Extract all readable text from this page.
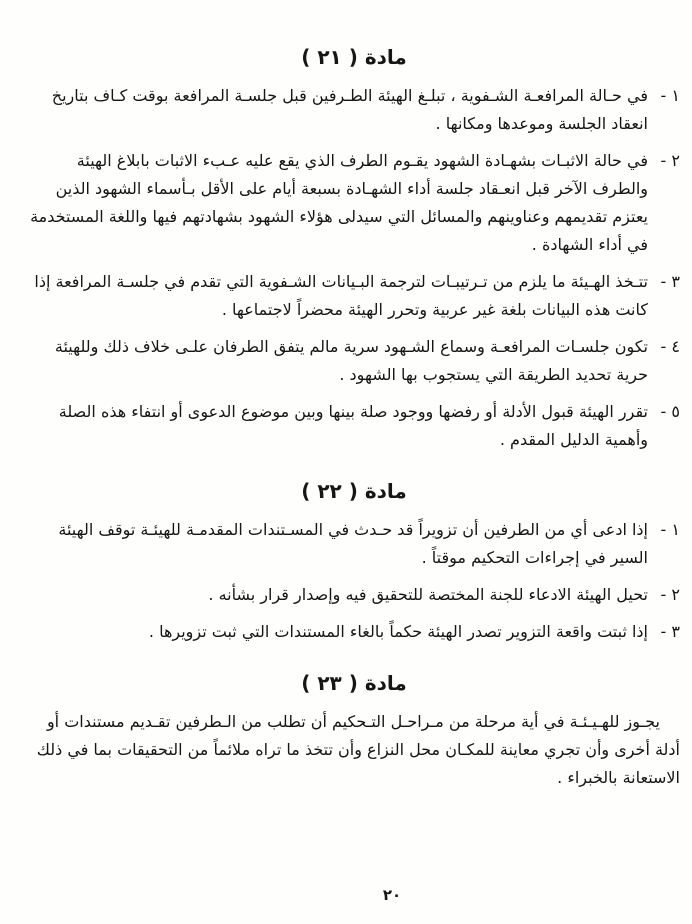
مادة ( ٢١ )
١ -

في حـالة المرافعـة الشـفوية ، تبلـغ الهيئة الطـرفين قبل جلسـة المرافعة بوقت كـاف بتاريخ انعقاد الجلسة وموعدها ومكانها .

٢ -

في حالة الاثبـات بشهـادة الشهود يقـوم الطرف الذي يقع عليه عـبء الاثبات بابلاغ الهيئة والطرف الآخر قبل انعـقاد جلسة أداء الشهـادة بسبعة أيام على الأقل بـأسماء الشهود الذين يعتزم تقديمهم وعناوينهم والمسائل التي سيدلى هؤلاء الشهود بشهادتهم فيها واللغة المستخدمة في أداء الشهادة .

٣ -

تتـخذ الهـيئة ما يلزم من تـرتيبـات لترجمة البـيانات الشـفوية التي تقدم في جلسـة المرافعة إذا كانت هذه البيانات بلغة غير عربية وتحرر الهيئة محضراً لاجتماعها .

٤ -

تكون جلسـات المرافعـة وسماع الشـهود سرية مالم يتفق الطرفان علـى خلاف ذلك وللهيئة حرية تحديد الطريقة التي يستجوب بها الشهود .

٥ -

تقرر الهيئة قبول الأدلة أو رفضها ووجود صلة بينها وبين موضوع الدعوى أو انتفاء هذه الصلة وأهمية الدليل المقدم .

مادة ( ٢٢ )
١ -

إذا ادعى أي من الطرفين أن تزويراً قد حـدث في المسـتندات المقدمـة للهيئـة توقف الهيئة السير في إجراءات التحكيم موقتاً .

٢ -

تحيل الهيئة الادعاء للجنة المختصة للتحقيق فيه وإصدار قرار بشأنه .

٣ -

إذا ثبتت واقعة التزوير تصدر الهيئة حكماً بالغاء المستندات التي ثبت تزويرها .

مادة ( ٢٣ )

يجـوز للهـيـئـة في أية مرحلة من مـراحـل التـحكيم أن تطلب من الـطرفين تقـديم مستندات أو أدلة أخرى وأن تجري معاينة للمكـان محل النزاع وأن تتخذ ما تراه ملائماً من التحقيقات بما في ذلك الاستعانة بالخبراء .

٢٠
